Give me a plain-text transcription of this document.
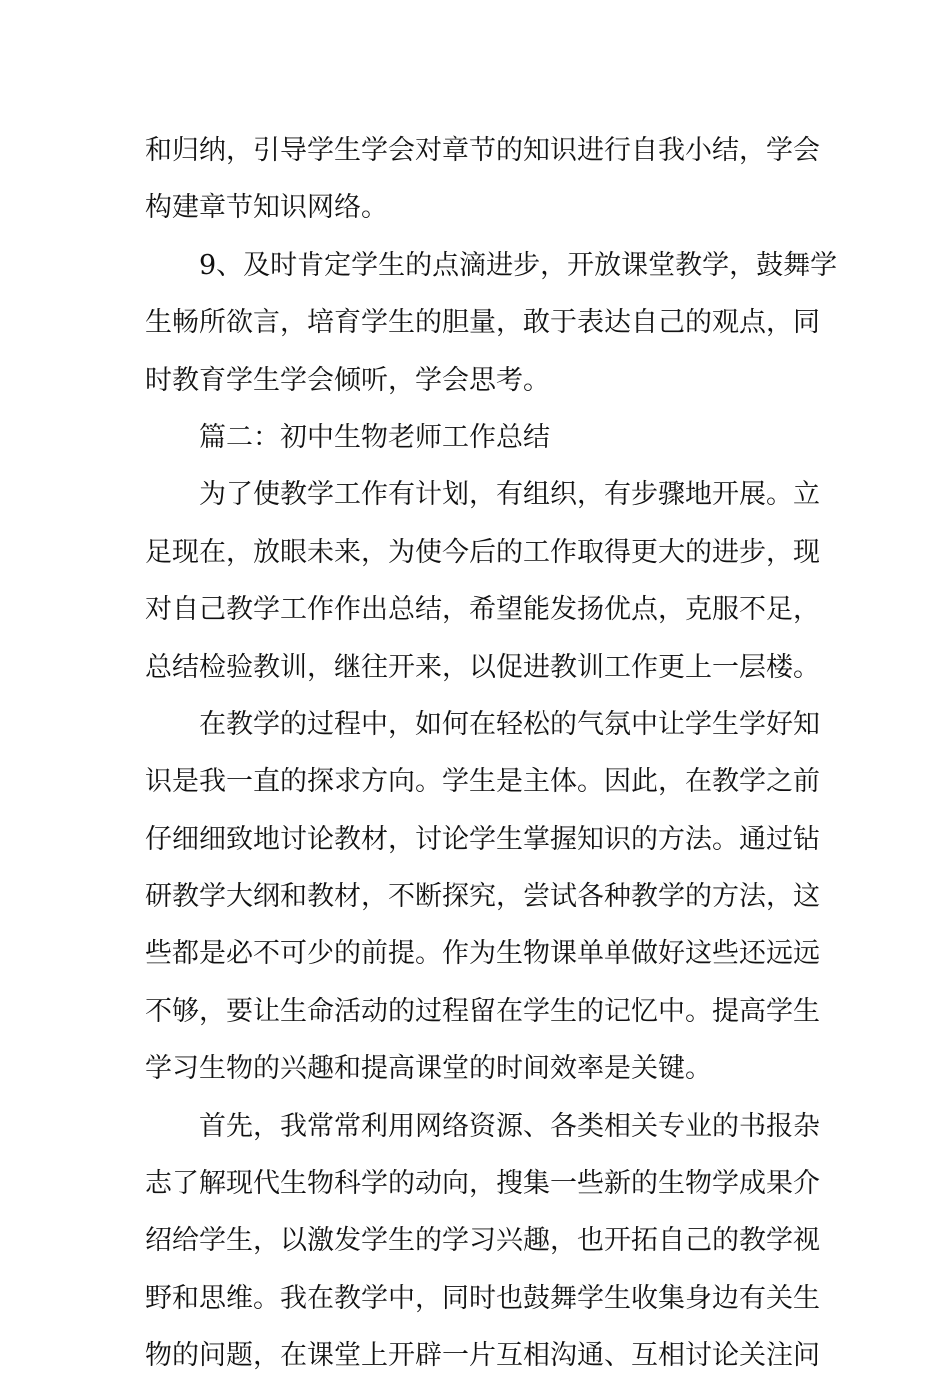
和归纳，引导学生学会对章节的知识进行自我小结，学会
构建章节知识网络。
9、及时肯定学生的点滴进步，开放课堂教学，鼓舞学
生畅所欲言，培育学生的胆量，敢于表达自己的观点，同
时教育学生学会倾听，学会思考。
篇二：初中生物老师工作总结
为了使教学工作有计划，有组织，有步骤地开展。立
足现在，放眼未来，为使今后的工作取得更大的进步，现
对自己教学工作作出总结，希望能发扬优点，克服不足，
总结检验教训，继往开来，以促进教训工作更上一层楼。
在教学的过程中，如何在轻松的气氛中让学生学好知
识是我一直的探求方向。学生是主体。因此，在教学之前
仔细细致地讨论教材，讨论学生掌握知识的方法。通过钻
研教学大纲和教材，不断探究，尝试各种教学的方法，这
些都是必不可少的前提。作为生物课单单做好这些还远远
不够，要让生命活动的过程留在学生的记忆中。提高学生
学习生物的兴趣和提高课堂的时间效率是关键。
首先，我常常利用网络资源、各类相关专业的书报杂
志了解现代生物科学的动向，搜集一些新的生物学成果介
绍给学生，以激发学生的学习兴趣，也开拓自己的教学视
野和思维。我在教学中，同时也鼓舞学生收集身边有关生
物的问题，在课堂上开辟一片互相沟通、互相讨论关注问
